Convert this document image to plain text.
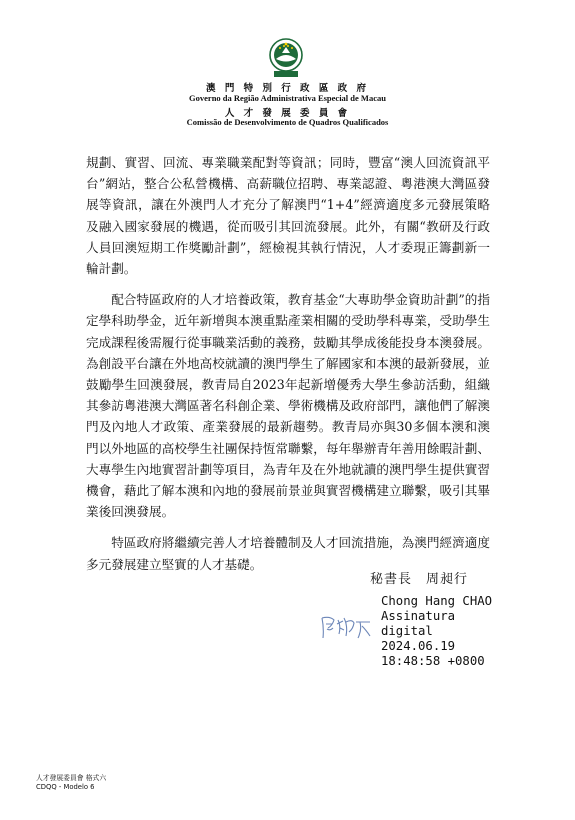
澳 門 特 別 行 政 區 政 府
Governo da Região Administrativa Especial de Macau
人 才 發 展 委 員 會
Comissão de Desenvolvimento de Quadros Qualificados

規劃、實習、回流、專業職業配對等資訊；同時，豐富“澳人回流資訊平台”網站，整合公私營機構、高薪職位招聘、專業認證、粵港澳大灣區發展等資訊，讓在外澳門人才充分了解澳門“1+4”經濟適度多元發展策略及融入國家發展的機遇，從而吸引其回流發展。此外，有關“教研及行政人員回澳短期工作獎勵計劃”，經檢視其執行情況，人才委現正籌劃新一輪計劃。

配合特區政府的人才培養政策，教育基金“大專助學金資助計劃”的指定學科助學金，近年新增與本澳重點產業相關的受助學科專業，受助學生完成課程後需履行從事職業活動的義務，鼓勵其學成後能投身本澳發展。為創設平台讓在外地高校就讀的澳門學生了解國家和本澳的最新發展，並鼓勵學生回澳發展，教青局自2023年起新增優秀大學生參訪活動，組織其參訪粵港澳大灣區著名科創企業、學術機構及政府部門，讓他們了解澳門及內地人才政策、產業發展的最新趨勢。教青局亦與30多個本澳和澳門以外地區的高校學生社團保持恆常聯繫，每年舉辦青年善用餘暇計劃、大專學生內地實習計劃等項目，為青年及在外地就讀的澳門學生提供實習機會，藉此了解本澳和內地的發展前景並與實習機構建立聯繫，吸引其畢業後回澳發展。

特區政府將繼續完善人才培養體制及人才回流措施，為澳門經濟適度多元發展建立堅實的人才基礎。

秘書長　周昶行
Chong Hang CHAO
Assinatura
digital
2024.06.19
18:48:58 +0800
人才發展委員會 格式六
CDQQ - Modelo 6
